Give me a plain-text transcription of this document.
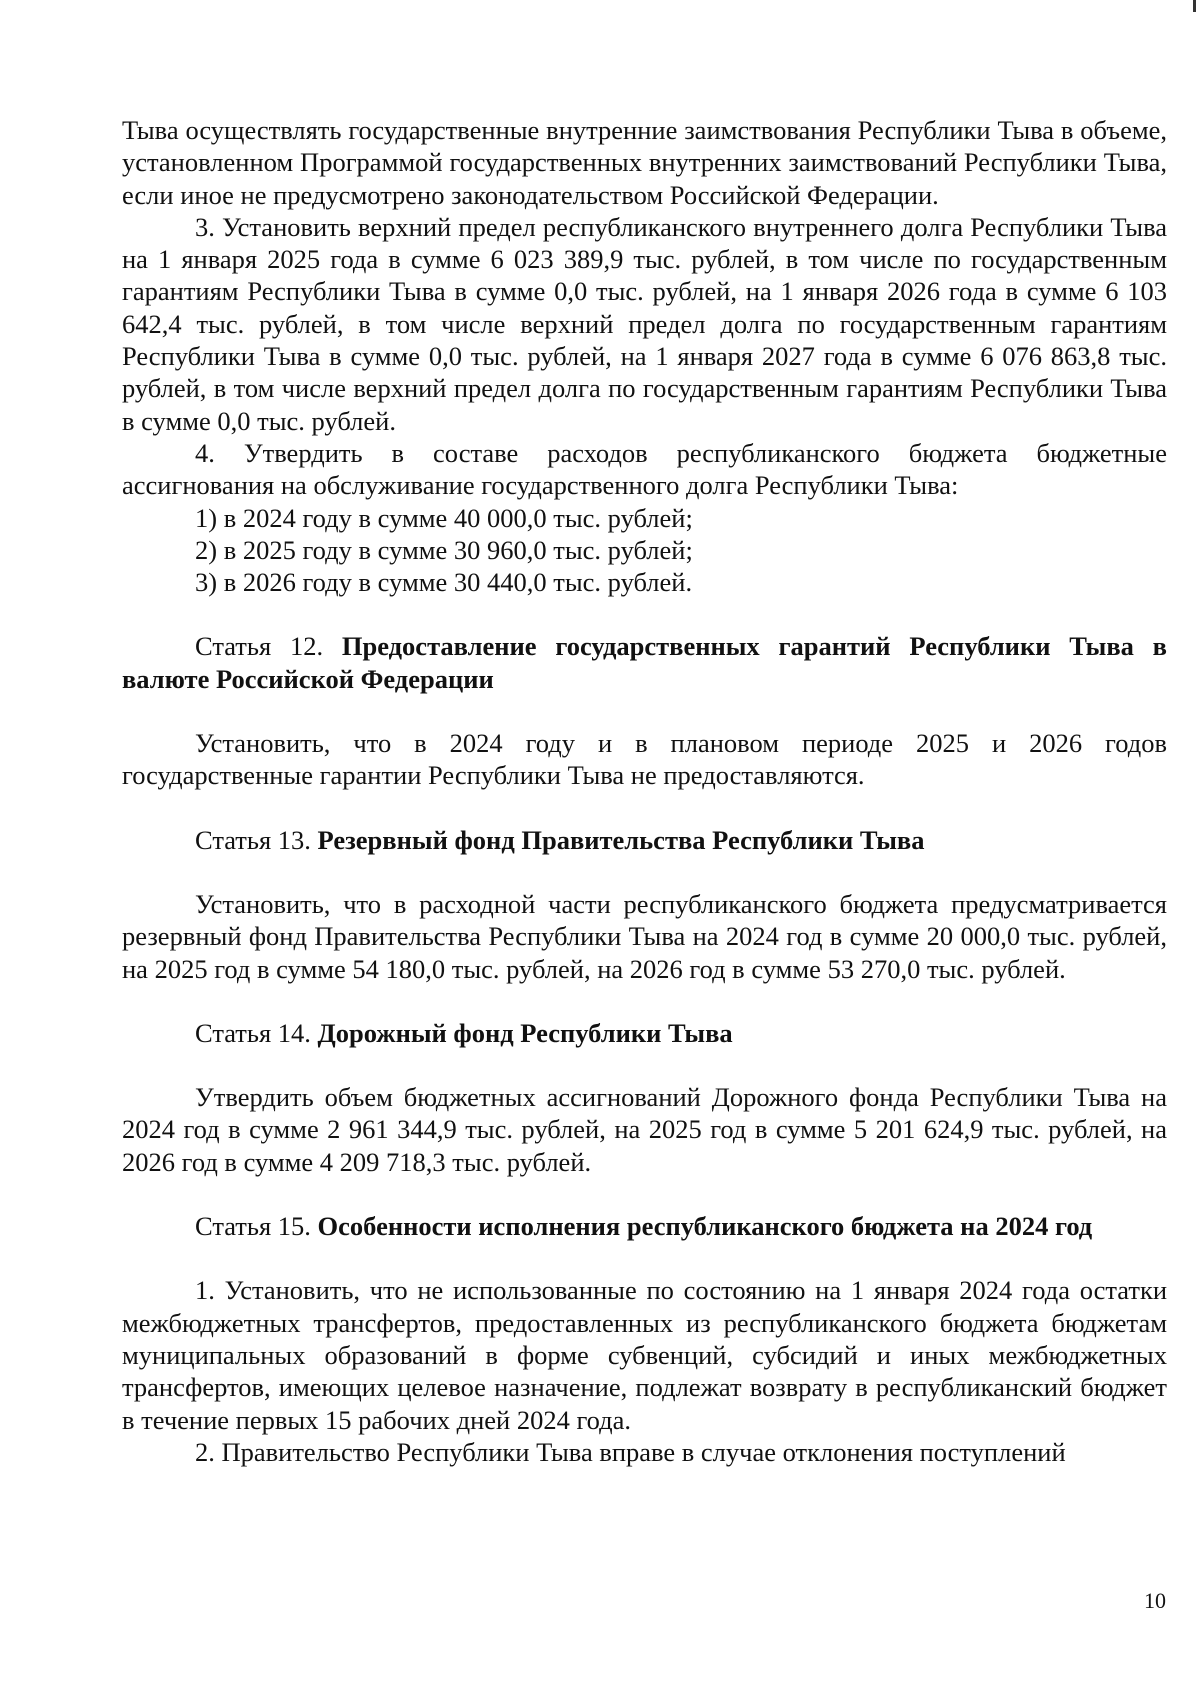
Тыва осуществлять государственные внутренние заимствования Республики Тыва в объеме, установленном Программой государственных внутренних заимствований Республики Тыва, если иное не предусмотрено законодательством Российской Федерации.

3. Установить верхний предел республиканского внутреннего долга Республики Тыва на 1 января 2025 года в сумме 6 023 389,9 тыс. рублей, в том числе по государственным гарантиям Республики Тыва в сумме 0,0 тыс. рублей, на 1 января 2026 года в сумме 6 103 642,4 тыс. рублей, в том числе верхний предел долга по государственным гарантиям Республики Тыва в сумме 0,0 тыс. рублей, на 1 января 2027 года в сумме 6 076 863,8 тыс. рублей, в том числе верхний предел долга по государственным гарантиям Республики Тыва в сумме 0,0 тыс. рублей.

4. Утвердить в составе расходов республиканского бюджета бюджетные ассигнования на обслуживание государственного долга Республики Тыва:

1) в 2024 году в сумме 40 000,0 тыс. рублей;

2) в 2025 году в сумме 30 960,0 тыс. рублей;

3) в 2026 году в сумме 30 440,0 тыс. рублей.

Статья 12. Предоставление государственных гарантий Республики Тыва в валюте Российской Федерации

Установить, что в 2024 году и в плановом периоде 2025 и 2026 годов государственные гарантии Республики Тыва не предоставляются.

Статья 13. Резервный фонд Правительства Республики Тыва

Установить, что в расходной части республиканского бюджета предусматривается резервный фонд Правительства Республики Тыва на 2024 год в сумме 20 000,0 тыс. рублей, на 2025 год в сумме 54 180,0 тыс. рублей, на 2026 год в сумме 53 270,0 тыс. рублей.

Статья 14. Дорожный фонд Республики Тыва

Утвердить объем бюджетных ассигнований Дорожного фонда Республики Тыва на 2024 год в сумме 2 961 344,9 тыс. рублей, на 2025 год в сумме 5 201 624,9 тыс. рублей, на 2026 год в сумме 4 209 718,3 тыс. рублей.

Статья 15. Особенности исполнения республиканского бюджета на 2024 год

1. Установить, что не использованные по состоянию на 1 января 2024 года остатки межбюджетных трансфертов, предоставленных из республиканского бюджета бюджетам муниципальных образований в форме субвенций, субсидий и иных межбюджетных трансфертов, имеющих целевое назначение, подлежат возврату в республиканский бюджет в течение первых 15 рабочих дней 2024 года.

2. Правительство Республики Тыва вправе в случае отклонения поступлений

10
